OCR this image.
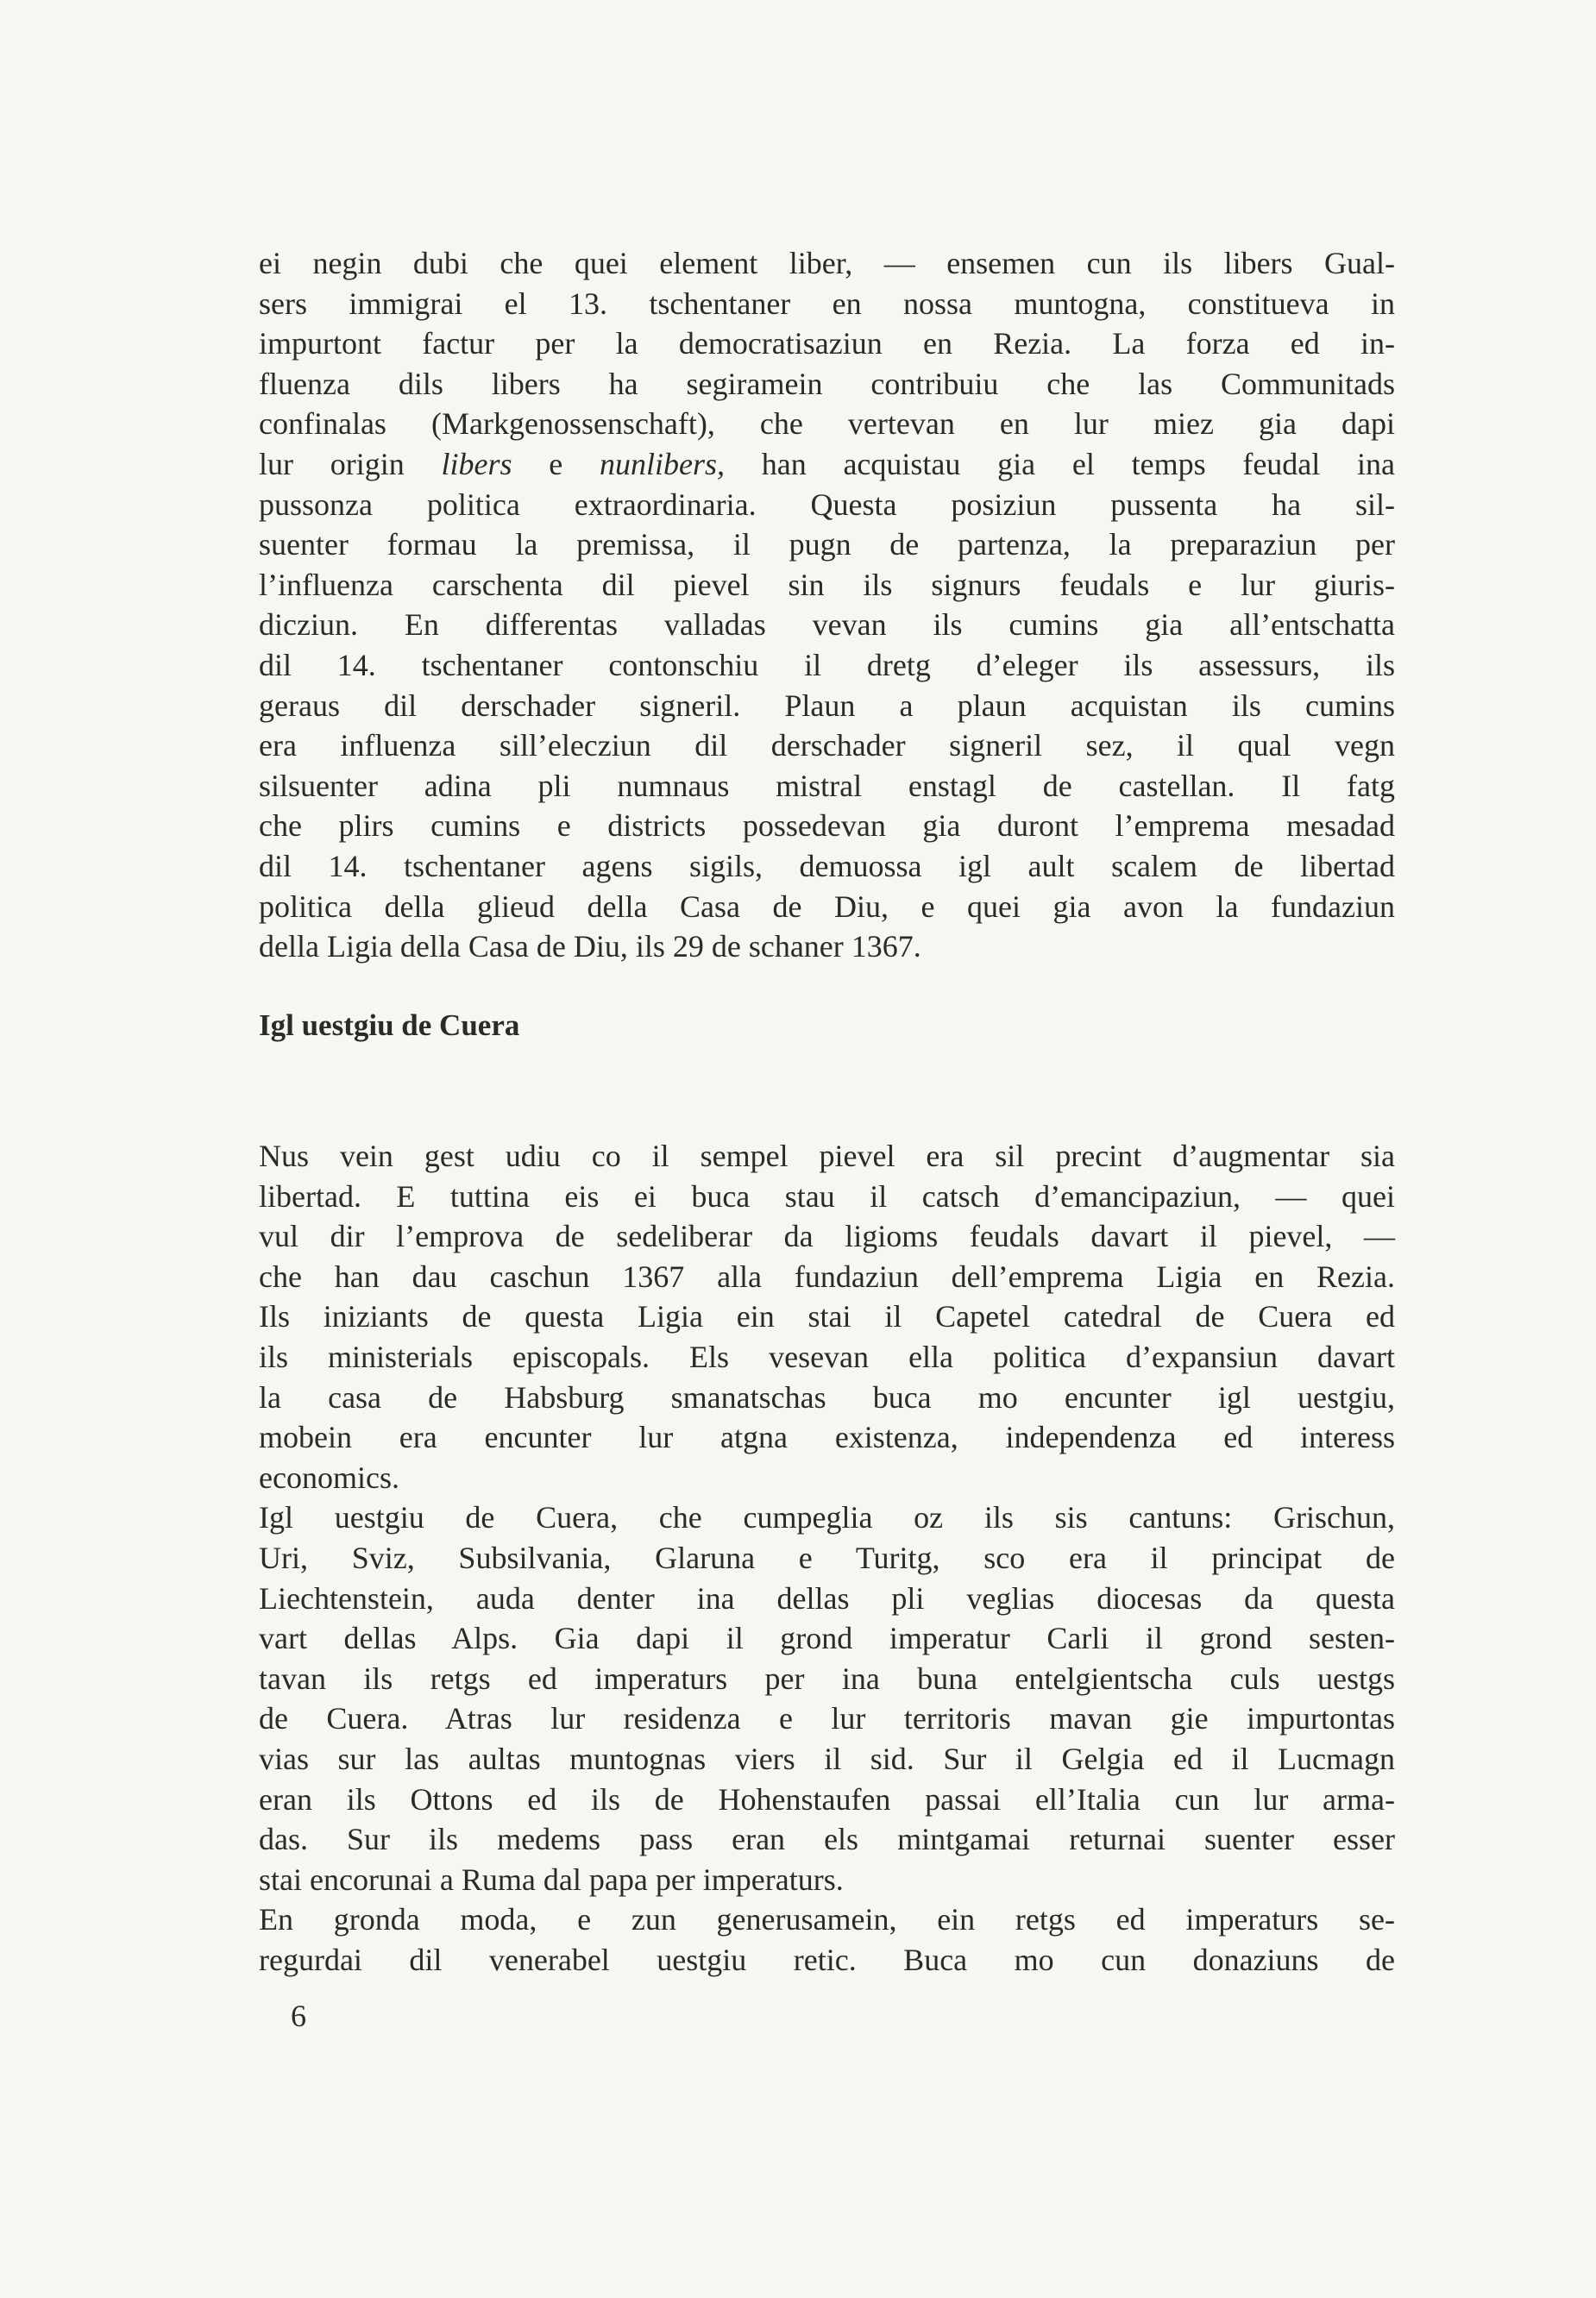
ei negin dubi che quei element liber, — ensemen cun ils libers Gual-
sers immigrai el 13. tschentaner en nossa muntogna, constitueva in
impurtont factur per la democratisaziun en Rezia. La forza ed in-
fluenza dils libers ha segiramein contribuiu che las Communitads
confinalas (Markgenossenschaft), che vertevan en lur miez gia dapi
lur origin libers e nunlibers, han acquistau gia el temps feudal ina
pussonza politica extraordinaria. Questa posiziun pussenta ha sil-
suenter formau la premissa, il pugn de partenza, la preparaziun per
l’influenza carschenta dil pievel sin ils signurs feudals e lur giuris-
dicziun. En differentas valladas vevan ils cumins gia all’entschatta
dil 14. tschentaner contonschiu il dretg d’eleger ils assessurs, ils
geraus dil derschader signeril. Plaun a plaun acquistan ils cumins
era influenza sill’elecziun dil derschader signeril sez, il qual vegn
silsuenter adina pli numnaus mistral enstagl de castellan. Il fatg
che plirs cumins e districts possedevan gia duront l’emprema mesadad
dil 14. tschentaner agens sigils, demuossa igl ault scalem de libertad
politica della glieud della Casa de Diu, e quei gia avon la fundaziun
della Ligia della Casa de Diu, ils 29 de schaner 1367.
Igl uestgiu de Cuera
Nus vein gest udiu co il sempel pievel era sil precint d’augmentar sia
libertad. E tuttina eis ei buca stau il catsch d’emancipaziun, — quei
vul dir l’emprova de sedeliberar da ligioms feudals davart il pievel, —
che han dau caschun 1367 alla fundaziun dell’emprema Ligia en Rezia.
Ils iniziants de questa Ligia ein stai il Capetel catedral de Cuera ed
ils ministerials episcopals. Els vesevan ella politica d’expansiun davart
la casa de Habsburg smanatschas buca mo encunter igl uestgiu,
mobein era encunter lur atgna existenza, independenza ed interess
economics.
Igl uestgiu de Cuera, che cumpeglia oz ils sis cantuns: Grischun,
Uri, Sviz, Subsilvania, Glaruna e Turitg, sco era il principat de
Liechtenstein, auda denter ina dellas pli veglias diocesas da questa
vart dellas Alps. Gia dapi il grond imperatur Carli il grond sesten-
tavan ils retgs ed imperaturs per ina buna entelgientscha culs uestgs
de Cuera. Atras lur residenza e lur territoris mavan gie impurtontas
vias sur las aultas muntognas viers il sid. Sur il Gelgia ed il Lucmagn
eran ils Ottons ed ils de Hohenstaufen passai ell’Italia cun lur arma-
das. Sur ils medems pass eran els mintgamai returnai suenter esser
stai encorunai a Ruma dal papa per imperaturs.
En gronda moda, e zun generusamein, ein retgs ed imperaturs se-
regurdai dil venerabel uestgiu retic. Buca mo cun donaziuns de
6
